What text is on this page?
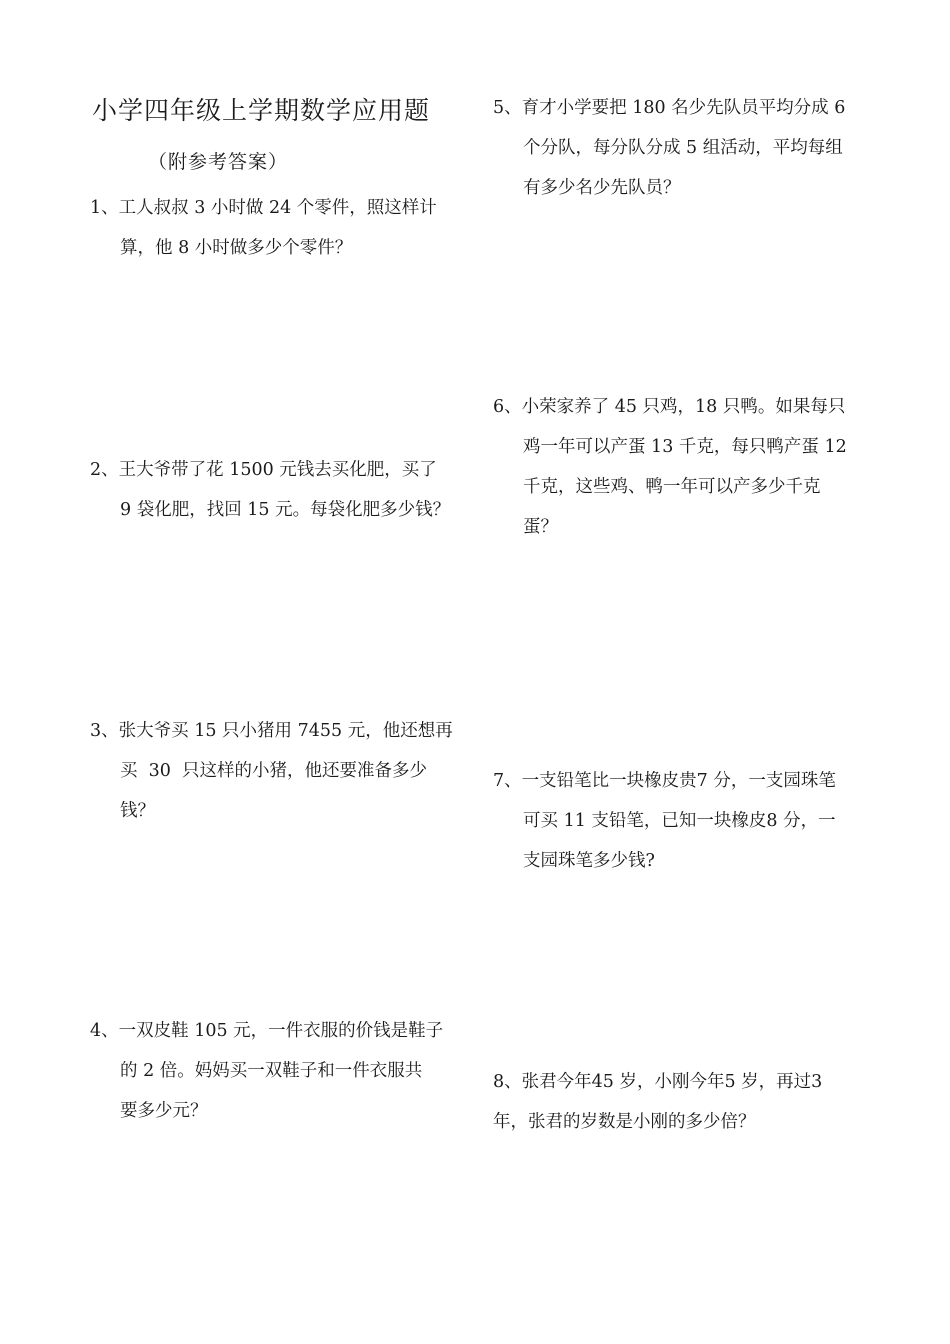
小学四年级上学期数学应用题
（附参考答案）
1、工人叔叔 3 小时做 24 个零件，照这样计
算，他 8 小时做多少个零件？
2、王大爷带了花 1500 元钱去买化肥，买了
9 袋化肥，找回 15 元。每袋化肥多少钱？
3、张大爷买 15 只小猪用 7455 元，他还想再
买  30  只这样的小猪，他还要准备多少
钱？
4、一双皮鞋 105 元，一件衣服的价钱是鞋子
的 2 倍。妈妈买一双鞋子和一件衣服共
要多少元？
5、育才小学要把 180 名少先队员平均分成 6
个分队，每分队分成 5 组活动，平均每组
有多少名少先队员？
6、小荣家养了 45 只鸡，18 只鸭。如果每只
鸡一年可以产蛋 13 千克，每只鸭产蛋 12
千克，这些鸡、鸭一年可以产多少千克
蛋？
7、一支铅笔比一块橡皮贵7 分，一支园珠笔
可买 11 支铅笔，已知一块橡皮8 分，一
支园珠笔多少钱?
8、张君今年45 岁，小刚今年5 岁，再过3
年，张君的岁数是小刚的多少倍？
